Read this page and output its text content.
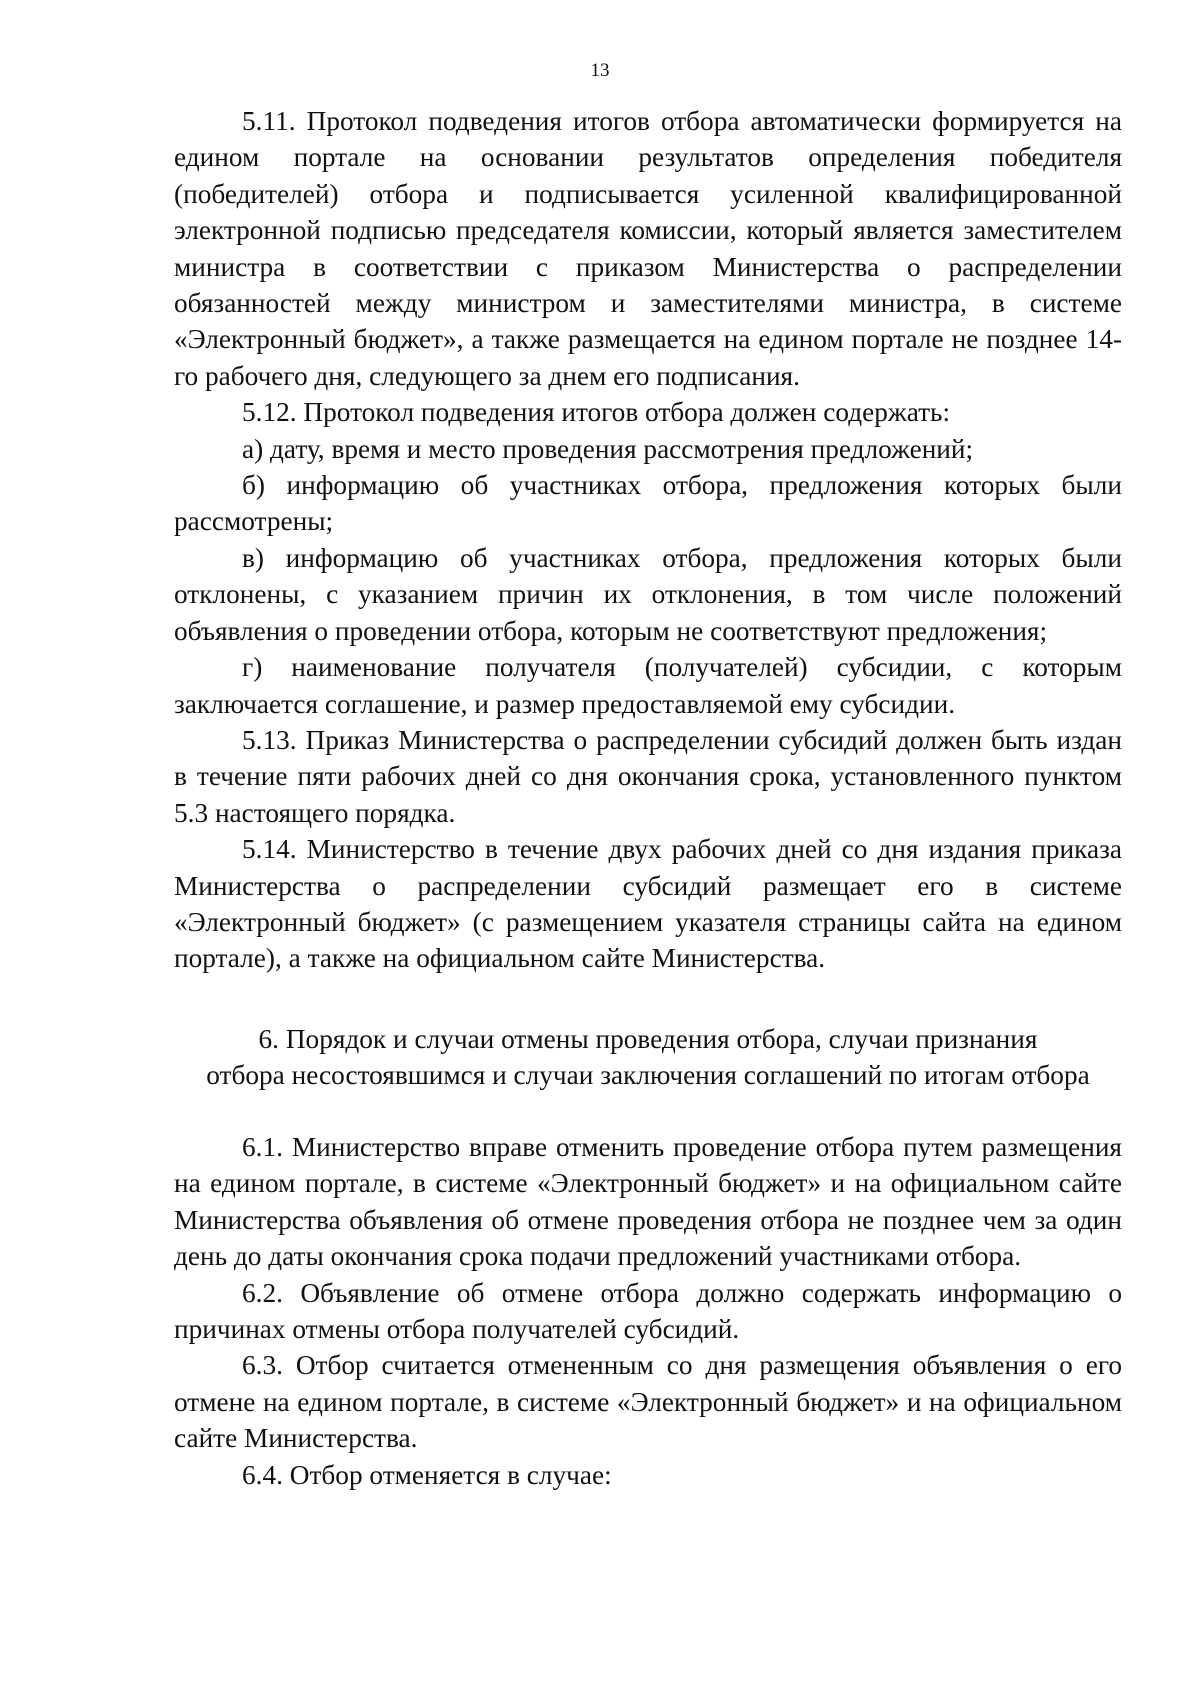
13

5.11. Протокол подведения итогов отбора автоматически формируется на едином портале на основании результатов определения победителя (победителей) отбора и подписывается усиленной квалифицированной электронной подписью председателя комиссии, который является заместителем министра в соответствии с приказом Министерства о распределении обязанностей между министром и заместителями министра, в системе «Электронный бюджет», а также размещается на едином портале не позднее 14-го рабочего дня, следующего за днем его подписания.

5.12. Протокол подведения итогов отбора должен содержать:

а) дату, время и место проведения рассмотрения предложений;

б) информацию об участниках отбора, предложения которых были рассмотрены;

в) информацию об участниках отбора, предложения которых были отклонены, с указанием причин их отклонения, в том числе положений объявления о проведении отбора, которым не соответствуют предложения;

г) наименование получателя (получателей) субсидии, с которым заключается соглашение, и размер предоставляемой ему субсидии.

5.13. Приказ Министерства о распределении субсидий должен быть издан в течение пяти рабочих дней со дня окончания срока, установленного пунктом 5.3 настоящего порядка.

5.14. Министерство в течение двух рабочих дней со дня издания приказа Министерства о распределении субсидий размещает его в системе «Электронный бюджет» (с размещением указателя страницы сайта на едином портале), а также на официальном сайте Министерства.

6. Порядок и случаи отмены проведения отбора, случаи признания
отбора несостоявшимся и случаи заключения соглашений по итогам отбора

6.1. Министерство вправе отменить проведение отбора путем размещения на едином портале, в системе «Электронный бюджет» и на официальном сайте Министерства объявления об отмене проведения отбора не позднее чем за один день до даты окончания срока подачи предложений участниками отбора.

6.2. Объявление об отмене отбора должно содержать информацию о причинах отмены отбора получателей субсидий.

6.3. Отбор считается отмененным со дня размещения объявления о его отмене на едином портале, в системе «Электронный бюджет» и на официальном сайте Министерства.

6.4. Отбор отменяется в случае:
